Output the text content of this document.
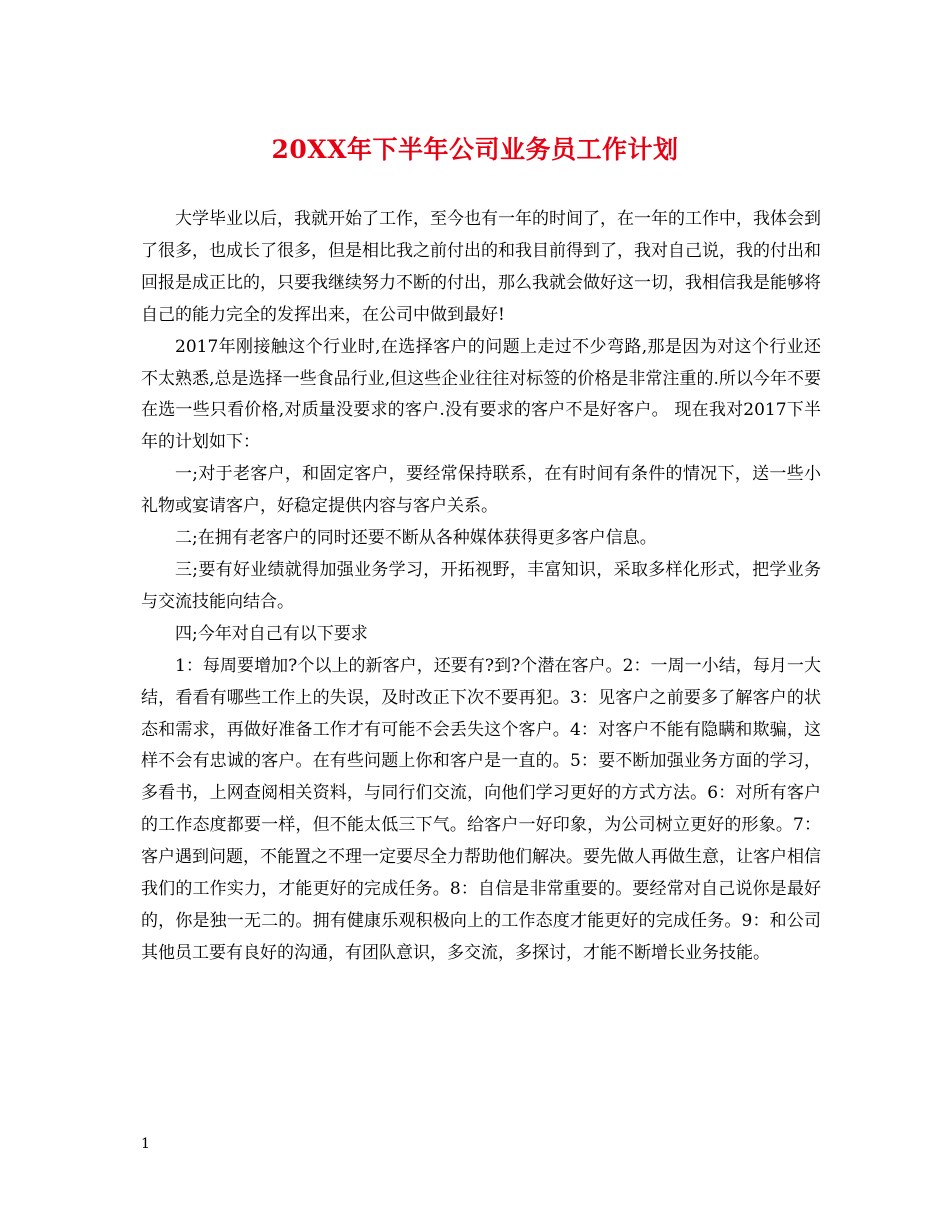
20XX年下半年公司业务员工作计划

大学毕业以后，我就开始了工作，至今也有一年的时间了，在一年的工作中，我体会到了很多，也成长了很多，但是相比我之前付出的和我目前得到了，我对自己说，我的付出和回报是成正比的，只要我继续努力不断的付出，那么我就会做好这一切，我相信我是能够将自己的能力完全的发挥出来，在公司中做到最好!

2017年刚接触这个行业时,在选择客户的问题上走过不少弯路,那是因为对这个行业还不太熟悉,总是选择一些食品行业,但这些企业往往对标签的价格是非常注重的.所以今年不要在选一些只看价格,对质量没要求的客户.没有要求的客户不是好客户。 现在我对2017下半年的计划如下：

一;对于老客户，和固定客户，要经常保持联系，在有时间有条件的情况下，送一些小礼物或宴请客户，好稳定提供内容与客户关系。

二;在拥有老客户的同时还要不断从各种媒体获得更多客户信息。

三;要有好业绩就得加强业务学习，开拓视野，丰富知识，采取多样化形式，把学业务与交流技能向结合。

四;今年对自己有以下要求

1：每周要增加?个以上的新客户，还要有?到?个潜在客户。2：一周一小结，每月一大结，看看有哪些工作上的失误，及时改正下次不要再犯。3：见客户之前要多了解客户的状态和需求，再做好准备工作才有可能不会丢失这个客户。4：对客户不能有隐瞒和欺骗，这样不会有忠诚的客户。在有些问题上你和客户是一直的。5：要不断加强业务方面的学习，多看书，上网查阅相关资料，与同行们交流，向他们学习更好的方式方法。6：对所有客户的工作态度都要一样，但不能太低三下气。给客户一好印象，为公司树立更好的形象。7：客户遇到问题，不能置之不理一定要尽全力帮助他们解决。要先做人再做生意，让客户相信我们的工作实力，才能更好的完成任务。8：自信是非常重要的。要经常对自己说你是最好的，你是独一无二的。拥有健康乐观积极向上的工作态度才能更好的完成任务。9：和公司其他员工要有良好的沟通，有团队意识，多交流，多探讨，才能不断增长业务技能。

1
